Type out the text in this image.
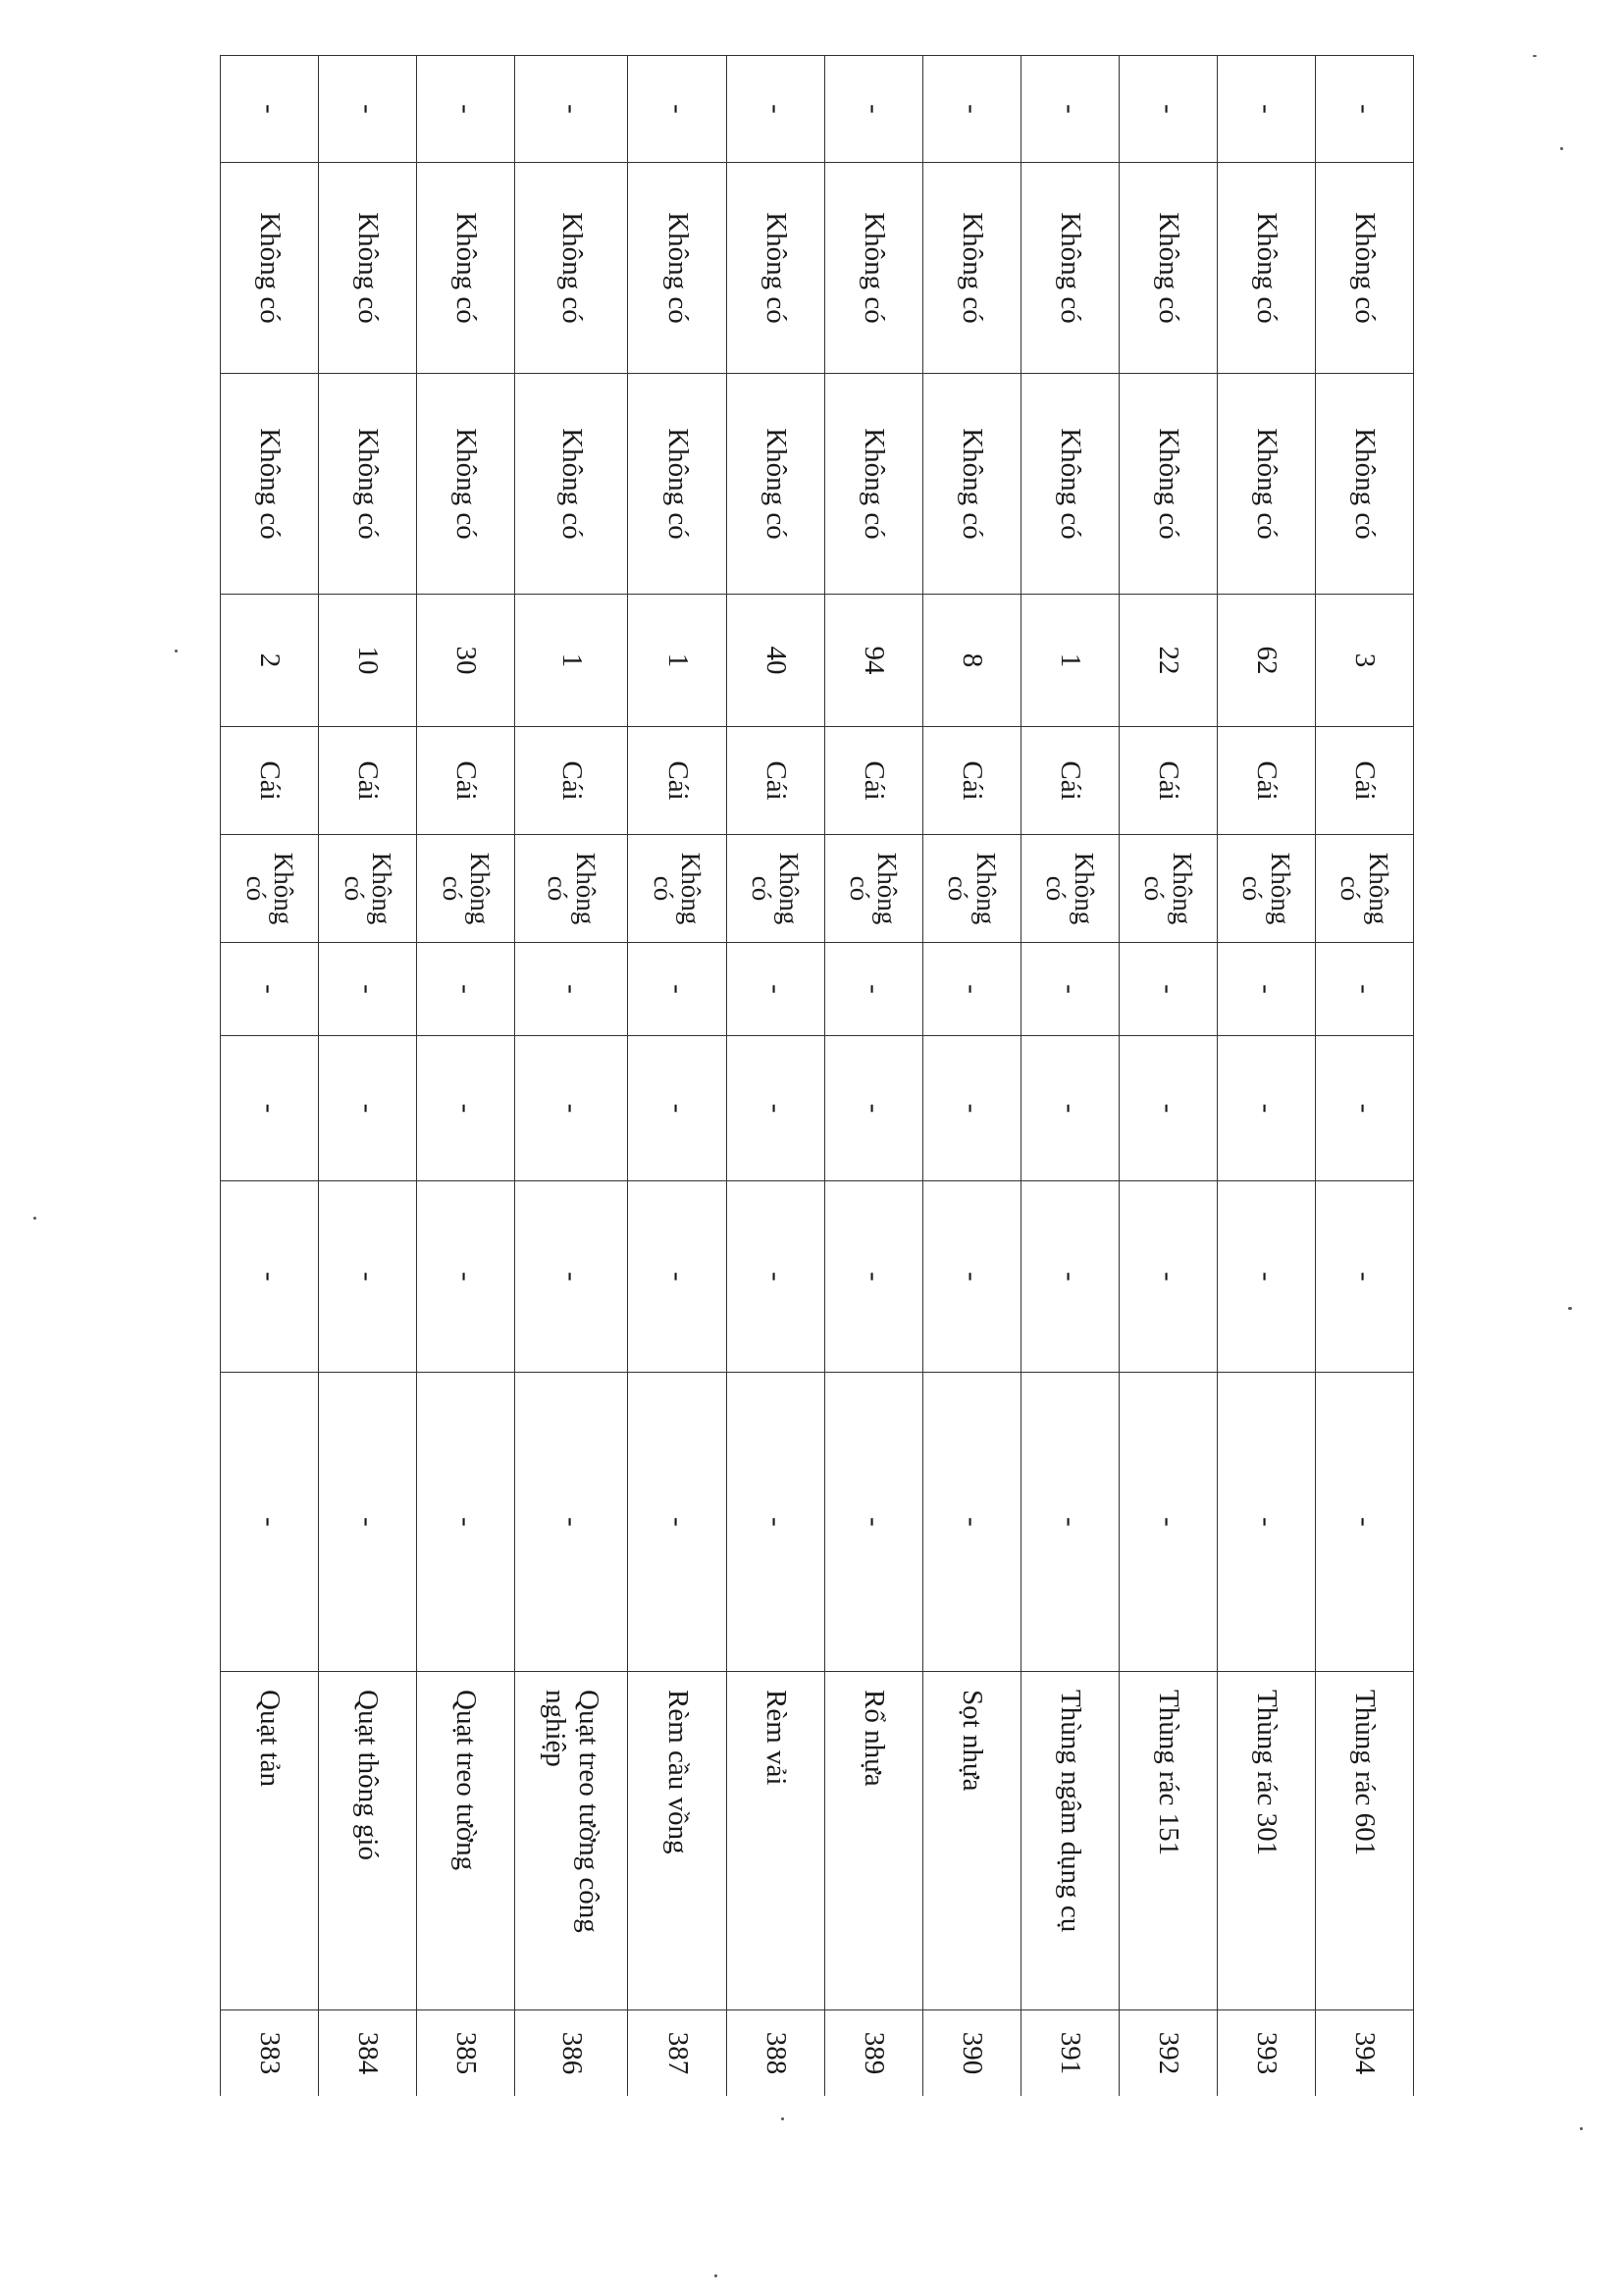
-	Không có	Không có	3	Cái	Không có	-	-	-	-	Thùng rác 601	394
-	Không có	Không có	62	Cái	Không có	-	-	-	-	Thùng rác 301	393
-	Không có	Không có	22	Cái	Không có	-	-	-	-	Thùng rác 151	392
-	Không có	Không có	1	Cái	Không có	-	-	-	-	Thùng ngâm dụng cụ	391
-	Không có	Không có	8	Cái	Không có	-	-	-	-	Sọt nhựa	390
-	Không có	Không có	94	Cái	Không có	-	-	-	-	Rổ nhựa	389
-	Không có	Không có	40	Cái	Không có	-	-	-	-	Rèm vải	388
-	Không có	Không có	1	Cái	Không có	-	-	-	-	Rèm cầu vồng	387
-	Không có	Không có	1	Cái	Không có	-	-	-	-	Quạt treo tường công nghiệp	386
-	Không có	Không có	30	Cái	Không có	-	-	-	-	Quạt treo tường	385
-	Không có	Không có	10	Cái	Không có	-	-	-	-	Quạt thông gió	384
-	Không có	Không có	2	Cái	Không có	-	-	-	-	Quạt tản	383
